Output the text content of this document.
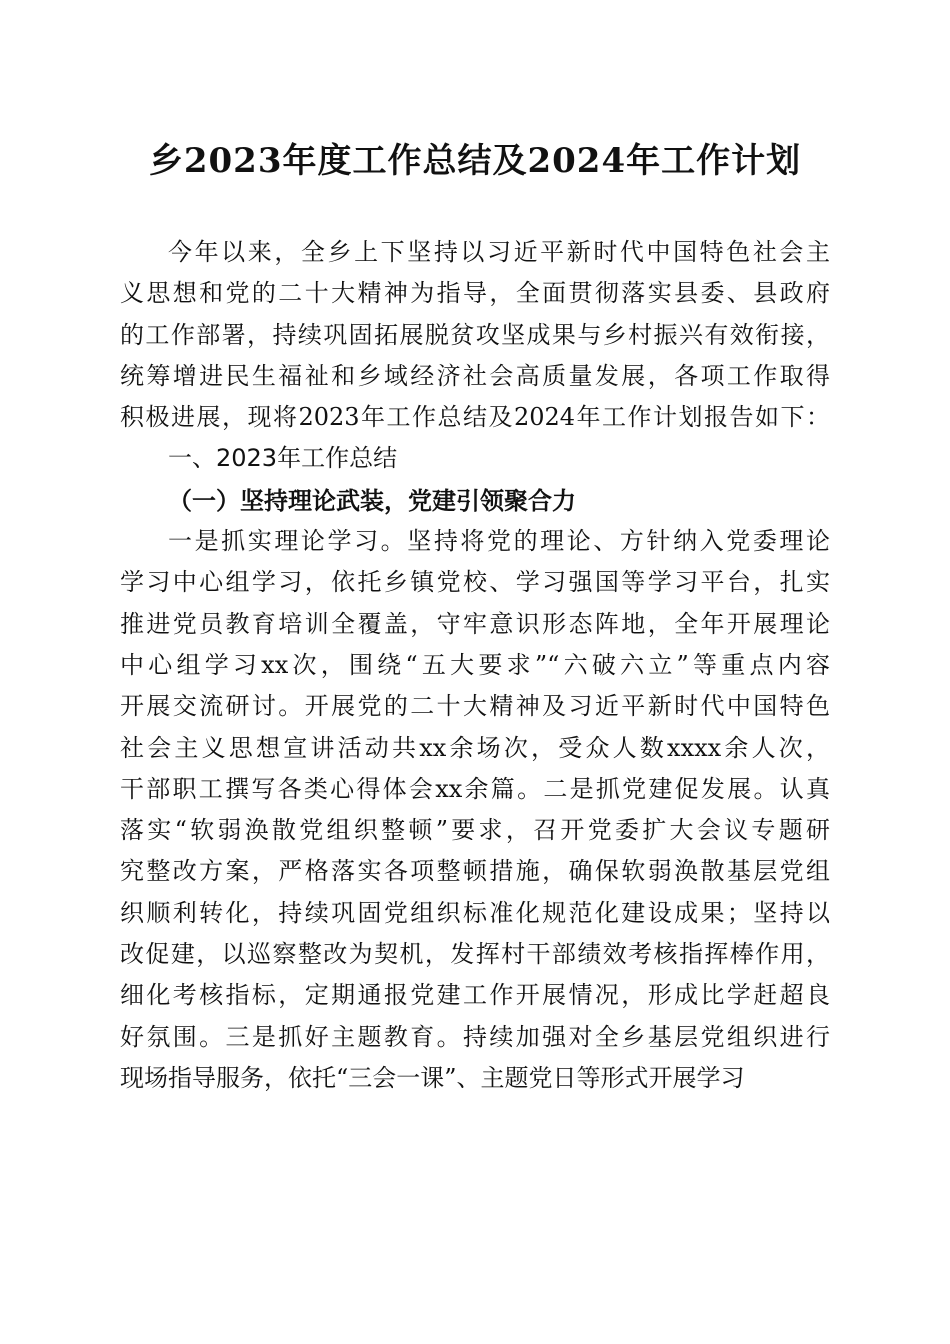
乡2023年度工作总结及2024年工作计划
今年以来，全乡上下坚持以习近平新时代中国特色社会主
义思想和党的二十大精神为指导，全面贯彻落实县委、县政府
的工作部署，持续巩固拓展脱贫攻坚成果与乡村振兴有效衔接，
统筹增进民生福祉和乡域经济社会高质量发展，各项工作取得
积极进展，现将2023年工作总结及2024年工作计划报告如下：
一、2023年工作总结
（一）坚持理论武装，党建引领聚合力
一是抓实理论学习。坚持将党的理论、方针纳入党委理论
学习中心组学习，依托乡镇党校、学习强国等学习平台，扎实
推进党员教育培训全覆盖，守牢意识形态阵地，全年开展理论
中心组学习xx次，围绕“五大要求”“六破六立”等重点内容
开展交流研讨。开展党的二十大精神及习近平新时代中国特色
社会主义思想宣讲活动共xx余场次，受众人数xxxx余人次，
干部职工撰写各类心得体会xx余篇。二是抓党建促发展。认真
落实“软弱涣散党组织整顿”要求，召开党委扩大会议专题研
究整改方案，严格落实各项整顿措施，确保软弱涣散基层党组
织顺利转化，持续巩固党组织标准化规范化建设成果；坚持以
改促建，以巡察整改为契机，发挥村干部绩效考核指挥棒作用，
细化考核指标，定期通报党建工作开展情况，形成比学赶超良
好氛围。三是抓好主题教育。持续加强对全乡基层党组织进行
现场指导服务，依托“三会一课”、主题党日等形式开展学习
